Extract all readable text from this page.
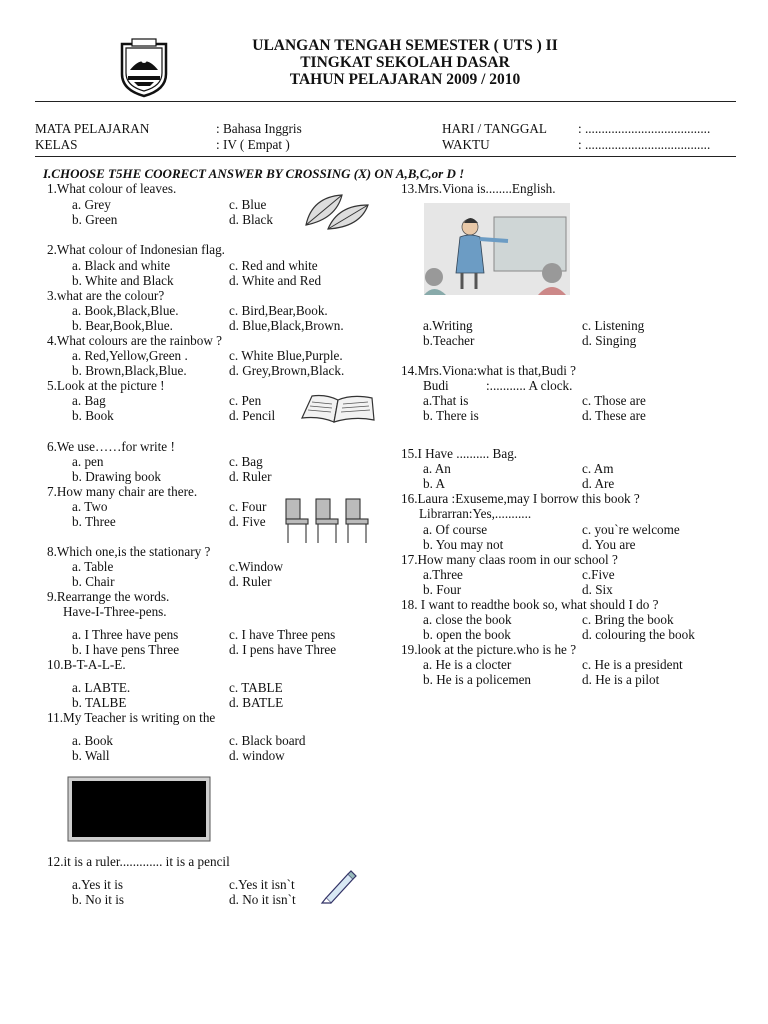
ULANGAN TENGAH SEMESTER ( UTS ) II
TINGKAT SEKOLAH DASAR
TAHUN PELAJARAN 2009 / 2010
MATA PELAJARAN	: Bahasa Inggris	HARI / TANGGAL : ......................................
KELAS	: IV ( Empat )	WAKTU	: ......................................
I.CHOOSE T5HE COORECT ANSWER BY CROSSING (X) ON A,B,C,or D !
1.What colour of leaves.
a. Grey	c. Blue
b. Green	d. Black
2.What colour of Indonesian flag.
a. Black and white	c. Red and white
b. White and Black	d. White and Red
3.what are the colour?
a. Book,Black,Blue.	c. Bird,Bear,Book.
b. Bear,Book,Blue.	d. Blue,Black,Brown.
4.What colours are the rainbow ?
a. Red,Yellow,Green .	c. White Blue,Purple.
b. Brown,Black,Blue.	d. Grey,Brown,Black.
5.Look at the picture !
a. Bag	c. Pen
b. Book	d. Pencil
6.We use……for write !
a. pen	c. Bag
b. Drawing book	d. Ruler
7.How many chair are there.
a. Two	c. Four
b. Three	d. Five
8.Which one,is the stationary ?
a. Table	c.Window
b. Chair	d. Ruler
9.Rearrange the words.
Have-I-Three-pens.
a. I Three have pens	c. I have Three pens
b. I have pens Three	d. I pens have Three
10.B-T-A-L-E.
a. LABTE.	c. TABLE
b. TALBE	d. BATLE
11.My Teacher is writing on the
a. Book	c. Black board
b. Wall	d. window
12.it is a ruler............. it is a pencil
a.Yes it is	c.Yes it isn`t
b. No it is	d. No it isn`t
13.Mrs.Viona is........English.
a.Writing	c. Listening
b.Teacher	d. Singing
14.Mrs.Viona:what is that,Budi ?
Budi	:........... A clock.
a.That is	c. Those are
b. There is	d. These are
15.I Have .......... Bag.
a. An	c. Am
b. A	d. Are
16.Laura :Exuseme,may I borrow this book ?
Librarran:Yes,...........
a. Of course	c. you`re welcome
b. You may not	d. You are
17.How many claas room in our school ?
a.Three	c.Five
b. Four	d. Six
18. I want to readthe book so, what should I do ?
a. close the book	c. Bring the book
b. open the book	d. colouring the book
19.look at the picture.who is he ?
a. He is a clocter	c. He is a president
b. He is a policemen	d. He is a pilot
